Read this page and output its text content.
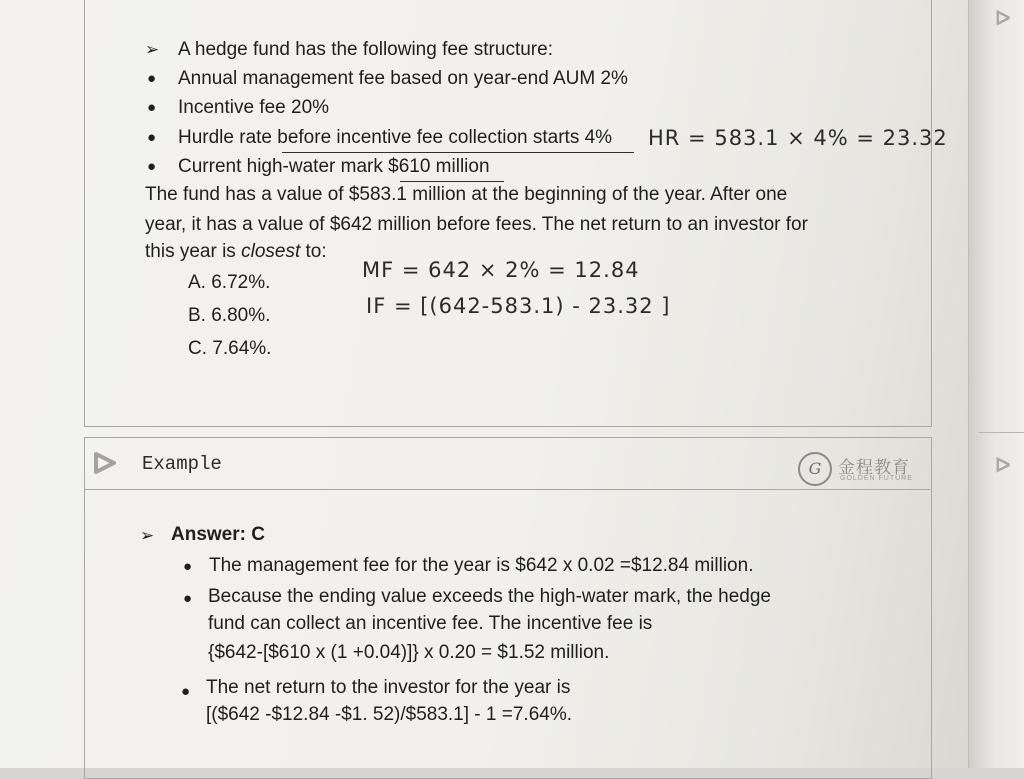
ᐅ
ᐅ
➢ A hedge fund has the following fee structure:
● Annual management fee based on year-end AUM 2%
● Incentive fee 20%
● Hurdle rate before incentive fee collection starts 4%
● Current high-water mark $610 million
The fund has a value of $583.1 million at the beginning of the year. After one
year, it has a value of $642 million before fees. The net return to an investor for
this year is closest to:
A. 6.72%.
B. 6.80%.
C. 7.64%.
HR = 583.1 × 4% = 23.32
MF = 642 × 2% = 12.84
IF = [(642-583.1) - 23.32 ]
Example	G 金程教育
GOLDEN FUTURE
➢ Answer: C
● The management fee for the year is $642 x 0.02 =$12.84 million.
● Because the ending value exceeds the high-water mark, the hedge
fund can collect an incentive fee. The incentive fee is
{$642-[$610 x (1 +0.04)]} x 0.20 = $1.52 million.
● The net return to the investor for the year is
[($642 -$12.84 -$1. 52)/$583.1] - 1 =7.64%.
